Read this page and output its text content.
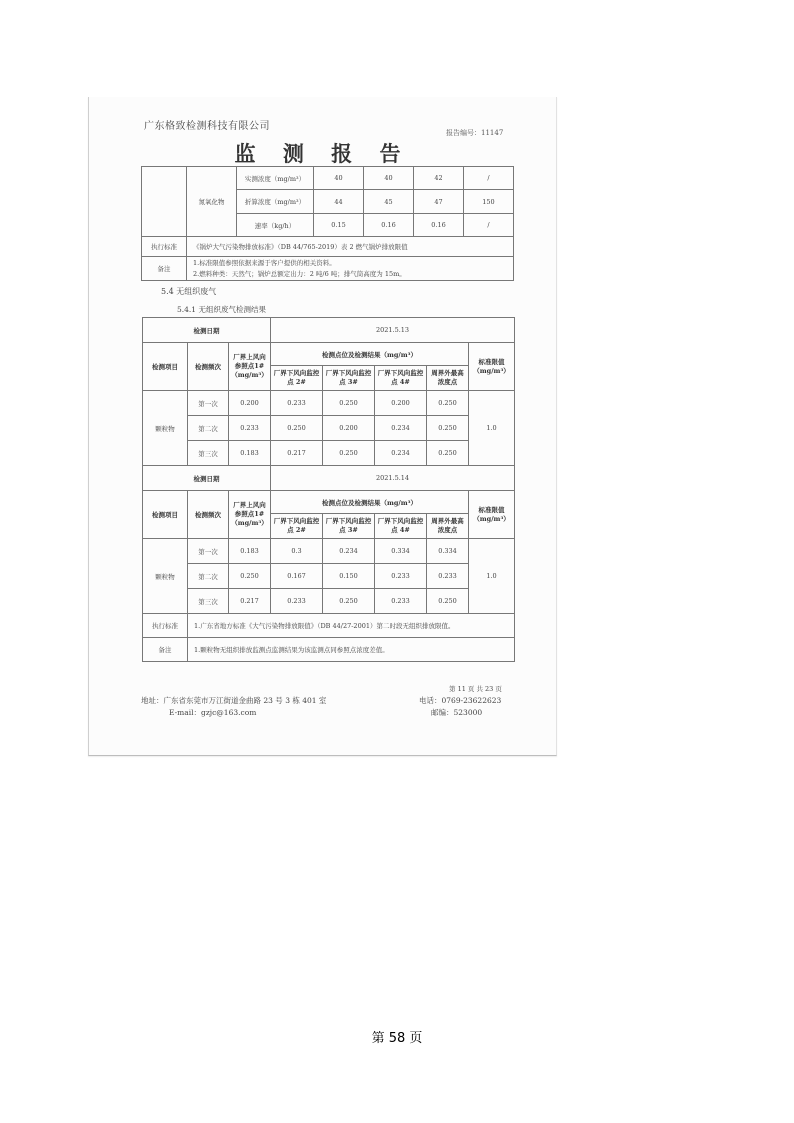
广东格致检测科技有限公司
报告编号：11147
监 测 报 告
	氮氧化物	实测浓度（mg/m³）	40	40	42	/
		折算浓度（mg/m³）	44	45	47	150
		速率（kg/h）	0.15	0.16	0.16	/
执行标准	《锅炉大气污染物排放标准》（DB 44/765-2019）表 2 燃气锅炉排放限值					
备注	1.标准限值参照依据来源于客户提供的相关资料。
2.燃料种类：天然气；锅炉总额定出力：2 吨/6 吨；排气筒高度为 15m。					
5.4 无组织废气
5.4.1 无组织废气检测结果
检测日期			2021.5.13				
检测项目	检测频次	厂界上风向参照点1#（mg/m³）	检测点位及检测结果（mg/m³）				标准限值（mg/m³）
			厂界下风向监控点 2#	厂界下风向监控点 3#	厂界下风向监控点 4#	周界外最高浓度点	
颗粒物	第一次	0.200	0.233	0.250	0.200	0.250	1.0
	第二次	0.233	0.250	0.200	0.234	0.250	
	第三次	0.183	0.217	0.250	0.234	0.250	
检测日期			2021.5.14				
检测项目	检测频次	厂界上风向参照点1#（mg/m³）	检测点位及检测结果（mg/m³）				标准限值（mg/m³）
			厂界下风向监控点 2#	厂界下风向监控点 3#	厂界下风向监控点 4#	周界外最高浓度点	
颗粒物	第一次	0.183	0.3	0.234	0.334	0.334	1.0
	第二次	0.250	0.167	0.150	0.233	0.233	
	第三次	0.217	0.233	0.250	0.233	0.250	
执行标准	1.广东省地方标准《大气污染物排放限值》（DB 44/27-2001）第二时段无组织排放限值。						
备注	1.颗粒物无组织排放监测点监测结果为该监测点同参照点浓度差值。						
第 11 页 共 23 页
地址：广东省东莞市万江街道金曲路 23 号 3 栋 401 室
E-mail：gzjc@163.com
电话：0769-23622623
邮编：523000
第 58 页
